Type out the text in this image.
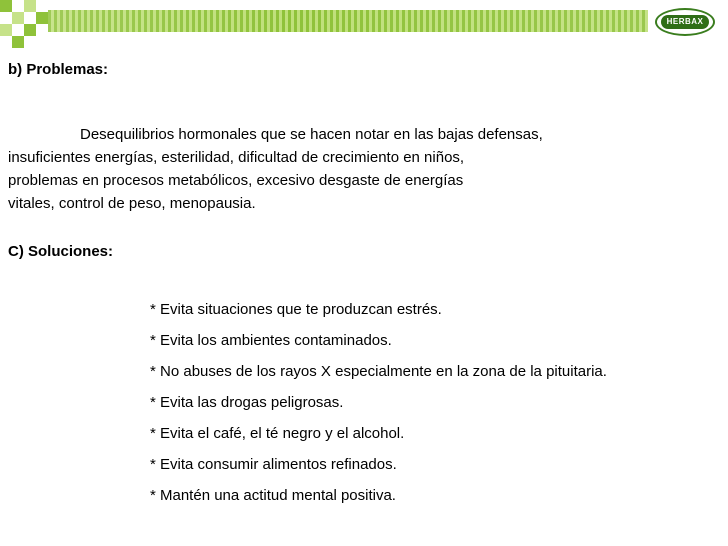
HERBAX
b) Problemas:
Desequilibrios hormonales que se hacen notar en las bajas defensas,
insuficientes energías, esterilidad, dificultad de crecimiento en niños,
problemas en procesos metabólicos, excesivo desgaste de energías
vitales, control de peso, menopausia.
C) Soluciones:
* Evita situaciones que te produzcan estrés.
* Evita los ambientes contaminados.
* No abuses de los rayos X especialmente en la zona de la pituitaria.
* Evita las drogas peligrosas.
* Evita el café, el té negro y el alcohol.
* Evita consumir alimentos refinados.
* Mantén una actitud mental positiva.
